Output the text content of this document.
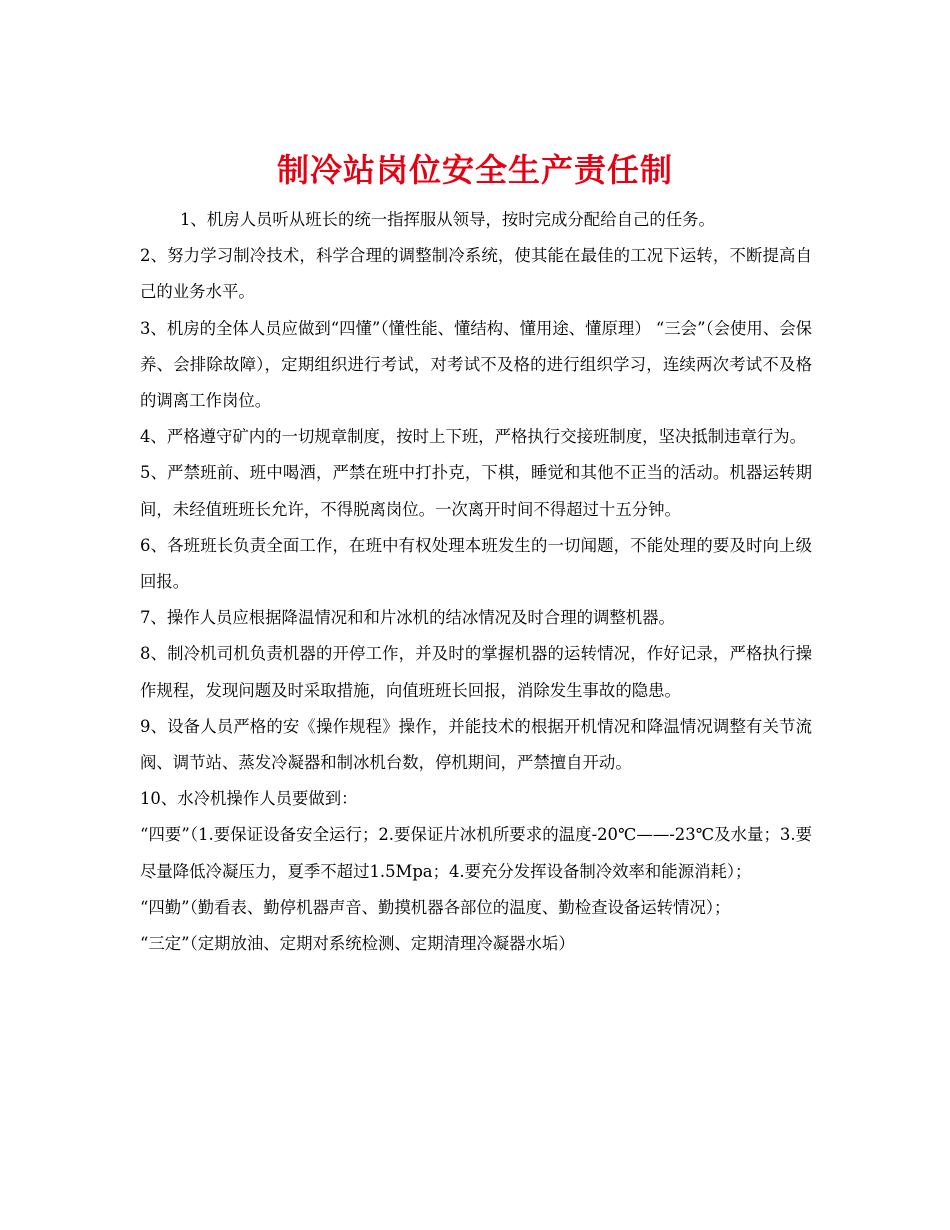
制冷站岗位安全生产责任制

1、机房人员听从班长的统一指挥服从领导，按时完成分配给自己的任务。

2、努力学习制冷技术，科学合理的调整制冷系统，使其能在最佳的工况下运转，不断提高自己的业务水平。

3、机房的全体人员应做到“四懂”（懂性能、懂结构、懂用途、懂原理） “三会”（会使用、会保养、会排除故障），定期组织进行考试，对考试不及格的进行组织学习，连续两次考试不及格的调离工作岗位。

4、严格遵守矿内的一切规章制度，按时上下班，严格执行交接班制度，坚决抵制违章行为。

5、严禁班前、班中喝酒，严禁在班中打扑克，下棋，睡觉和其他不正当的活动。机器运转期间，未经值班班长允许，不得脱离岗位。一次离开时间不得超过十五分钟。

6、各班班长负责全面工作，在班中有权处理本班发生的一切闻题，不能处理的要及时向上级回报。

7、操作人员应根据降温情况和和片冰机的结冰情况及时合理的调整机器。

8、制冷机司机负责机器的开停工作，并及时的掌握机器的运转情况，作好记录，严格执行操作规程，发现问题及时采取措施，向值班班长回报，消除发生事故的隐患。

9、设备人员严格的安《操作规程》操作，并能技术的根据开机情况和降温情况调整有关节流阀、调节站、蒸发冷凝器和制冰机台数，停机期间，严禁擅自开动。

10、水冷机操作人员要做到：

“四要”（1.要保证设备安全运行；2.要保证片冰机所要求的温度-20℃——-23℃及水量；3.要尽量降低冷凝压力，夏季不超过1.5Mpa；4.要充分发挥设备制冷效率和能源消耗）；

“四勤”（勤看表、勤停机器声音、勤摸机器各部位的温度、勤检查设备运转情况）；

“三定”（定期放油、定期对系统检测、定期清理冷凝器水垢）
